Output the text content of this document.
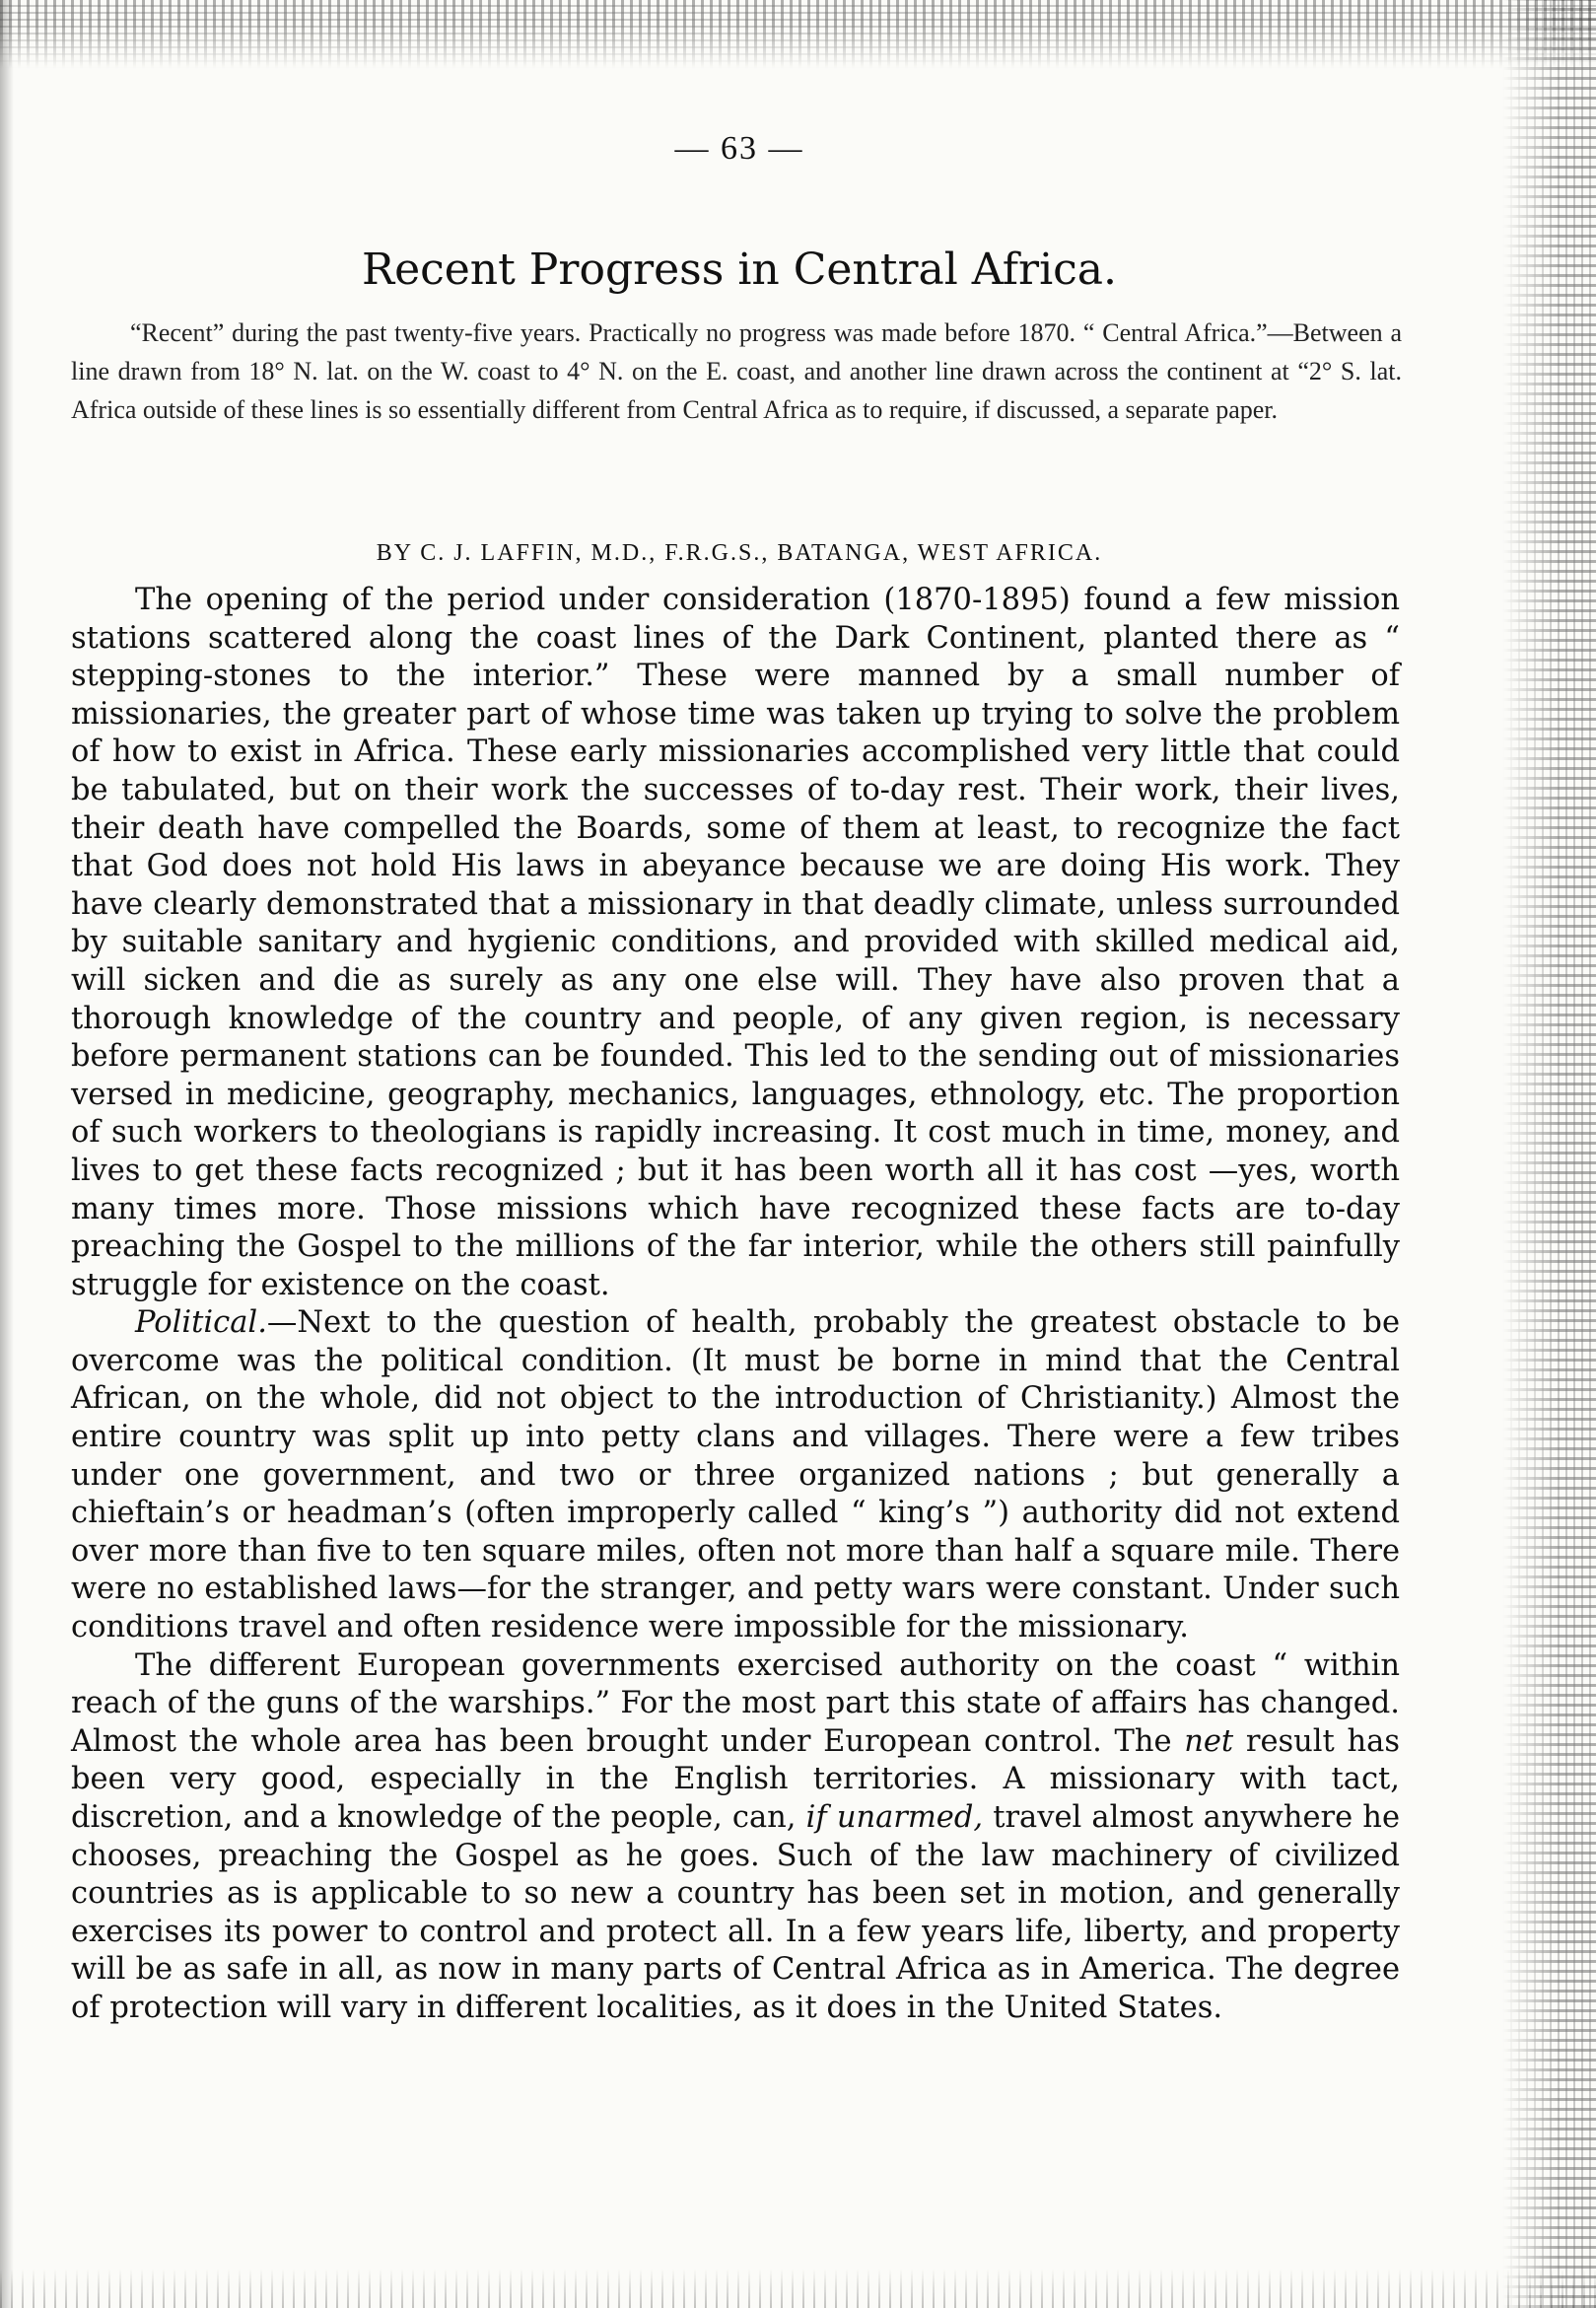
— 63 —
Recent Progress in Central Africa.

“Recent” during the past twenty-five years. Practically no progress was made before 1870. “ Central Africa.”—Between a line drawn from 18° N. lat. on the W. coast to 4° N. on the E. coast, and another line drawn across the continent at “2° S. lat. Africa outside of these lines is so essentially different from Central Africa as to require, if discussed, a separate paper.

BY C. J. LAFFIN, M.D., F.R.G.S., BATANGA, WEST AFRICA.

The opening of the period under consideration (1870-1895) found a few mission stations scattered along the coast lines of the Dark Continent, planted there as “ stepping-stones to the interior.” These were manned by a small number of missionaries, the greater part of whose time was taken up trying to solve the problem of how to exist in Africa. These early missionaries accomplished very little that could be tabulated, but on their work the successes of to-day rest. Their work, their lives, their death have compelled the Boards, some of them at least, to recognize the fact that God does not hold His laws in abeyance because we are doing His work. They have clearly demonstrated that a missionary in that deadly climate, unless surrounded by suitable sanitary and hygienic conditions, and provided with skilled medical aid, will sicken and die as surely as any one else will. They have also proven that a thorough knowledge of the country and people, of any given region, is necessary before permanent stations can be founded. This led to the sending out of missionaries versed in medicine, geography, mechanics, languages, ethnology, etc. The proportion of such workers to theologians is rapidly increasing. It cost much in time, money, and lives to get these facts recognized ; but it has been worth all it has cost —yes, worth many times more. Those missions which have recognized these facts are to-day preaching the Gospel to the millions of the far interior, while the others still painfully struggle for existence on the coast.

Political.—Next to the question of health, probably the greatest obstacle to be overcome was the political condition. (It must be borne in mind that the Central African, on the whole, did not object to the introduction of Christianity.) Almost the entire country was split up into petty clans and villages. There were a few tribes under one government, and two or three organized nations ; but generally a chieftain’s or headman’s (often improperly called “ king’s ”) authority did not extend over more than five to ten square miles, often not more than half a square mile. There were no established laws—for the stranger, and petty wars were constant. Under such conditions travel and often residence were impossible for the missionary.

The different European governments exercised authority on the coast “ within reach of the guns of the warships.” For the most part this state of affairs has changed. Almost the whole area has been brought under European control. The net result has been very good, especially in the English territories. A missionary with tact, discretion, and a knowledge of the people, can, if unarmed, travel almost anywhere he chooses, preaching the Gospel as he goes. Such of the law machinery of civilized countries as is applicable to so new a country has been set in motion, and generally exercises its power to control and protect all. In a few years life, liberty, and property will be as safe in all, as now in many parts of Central Africa as in America. The degree of protection will vary in different localities, as it does in the United States.
